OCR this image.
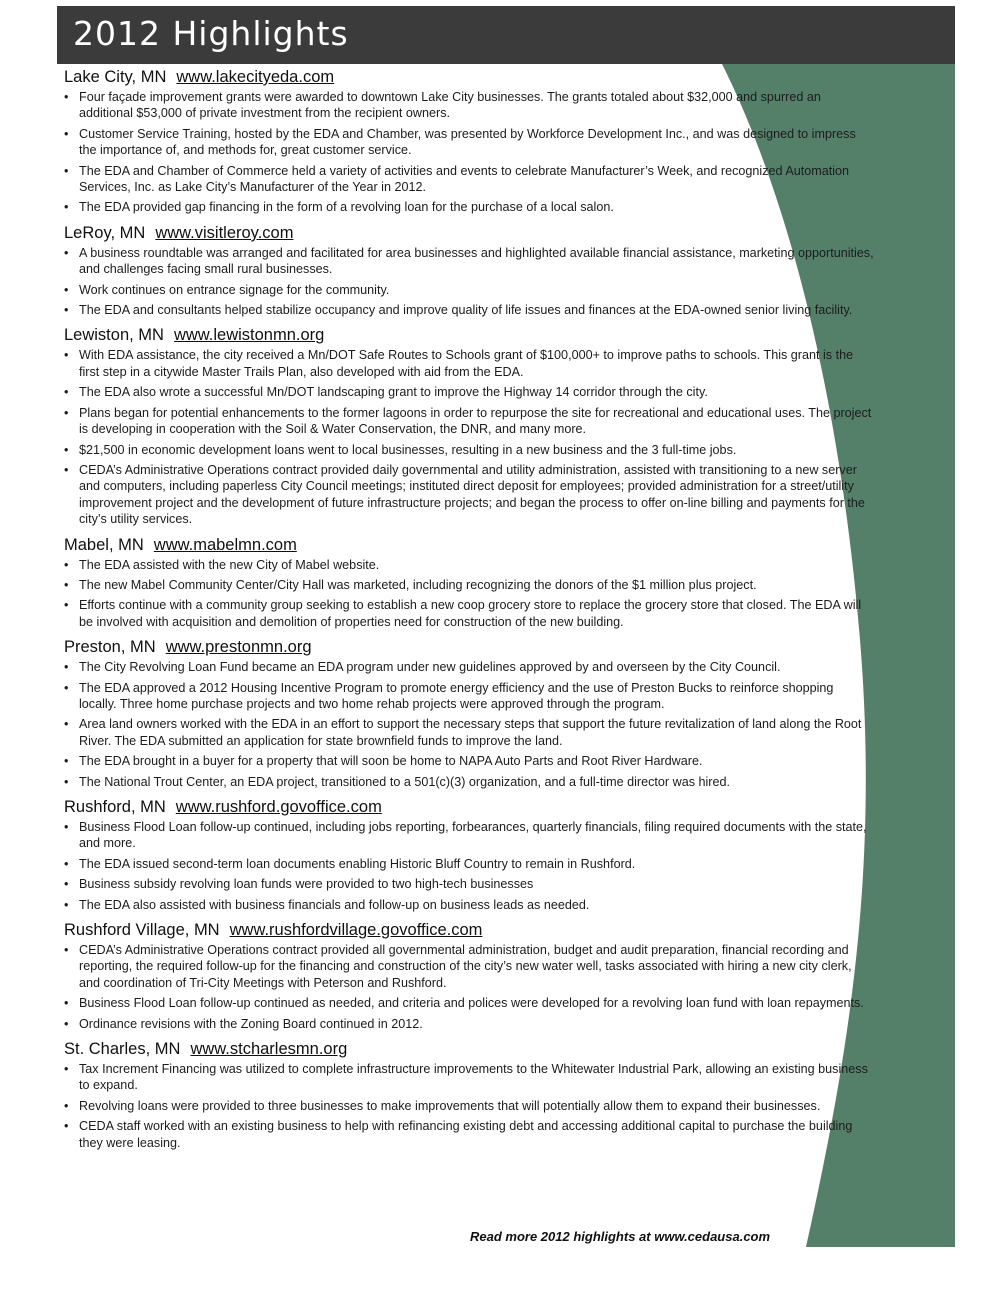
2012 Highlights
Lake City, MN www.lakecityeda.com
• Four façade improvement grants were awarded to downtown Lake City businesses. The grants totaled about $32,000 and spurred an additional $53,000 of private investment from the recipient owners.
• Customer Service Training, hosted by the EDA and Chamber, was presented by Workforce Development Inc., and was designed to impress the importance of, and methods for, great customer service.
• The EDA and Chamber of Commerce held a variety of activities and events to celebrate Manufacturer’s Week, and recognized Automation Services, Inc. as Lake City’s Manufacturer of the Year in 2012.
• The EDA provided gap financing in the form of a revolving loan for the purchase of a local salon.
LeRoy, MN www.visitleroy.com
• A business roundtable was arranged and facilitated for area businesses and highlighted available financial assistance, marketing opportunities, and challenges facing small rural businesses.
• Work continues on entrance signage for the community.
• The EDA and consultants helped stabilize occupancy and improve quality of life issues and finances at the EDA-owned senior living facility.
Lewiston, MN www.lewistonmn.org
• With EDA assistance, the city received a Mn/DOT Safe Routes to Schools grant of $100,000+ to improve paths to schools. This grant is the first step in a citywide Master Trails Plan, also developed with aid from the EDA.
• The EDA also wrote a successful Mn/DOT landscaping grant to improve the Highway 14 corridor through the city.
• Plans began for potential enhancements to the former lagoons in order to repurpose the site for recreational and educational uses. The project is developing in cooperation with the Soil & Water Conservation, the DNR, and many more.
• $21,500 in economic development loans went to local businesses, resulting in a new business and the 3 full-time jobs.
• CEDA’s Administrative Operations contract provided daily governmental and utility administration, assisted with transitioning to a new server and computers, including paperless City Council meetings; instituted direct deposit for employees; provided administration for a street/utility improvement project and the development of future infrastructure projects; and began the process to offer on-line billing and payments for the city’s utility services.
Mabel, MN www.mabelmn.com
• The EDA assisted with the new City of Mabel website.
• The new Mabel Community Center/City Hall was marketed, including recognizing the donors of the $1 million plus project.
• Efforts continue with a community group seeking to establish a new coop grocery store to replace the grocery store that closed. The EDA will be involved with acquisition and demolition of properties need for construction of the new building.
Preston, MN www.prestonmn.org
• The City Revolving Loan Fund became an EDA program under new guidelines approved by and overseen by the City Council.
• The EDA approved a 2012 Housing Incentive Program to promote energy efficiency and the use of Preston Bucks to reinforce shopping locally. Three home purchase projects and two home rehab projects were approved through the program.
• Area land owners worked with the EDA in an effort to support the necessary steps that support the future revitalization of land along the Root River. The EDA submitted an application for state brownfield funds to improve the land.
• The EDA brought in a buyer for a property that will soon be home to NAPA Auto Parts and Root River Hardware.
• The National Trout Center, an EDA project, transitioned to a 501(c)(3) organization, and a full-time director was hired.
Rushford, MN www.rushford.govoffice.com
• Business Flood Loan follow-up continued, including jobs reporting, forbearances, quarterly financials, filing required documents with the state, and more.
• The EDA issued second-term loan documents enabling Historic Bluff Country to remain in Rushford.
• Business subsidy revolving loan funds were provided to two high-tech businesses
• The EDA also assisted with business financials and follow-up on business leads as needed.
Rushford Village, MN www.rushfordvillage.govoffice.com
• CEDA’s Administrative Operations contract provided all governmental administration, budget and audit preparation, financial recording and reporting, the required follow-up for the financing and construction of the city’s new water well, tasks associated with hiring a new city clerk, and coordination of Tri-City Meetings with Peterson and Rushford.
• Business Flood Loan follow-up continued as needed, and criteria and polices were developed for a revolving loan fund with loan repayments.
• Ordinance revisions with the Zoning Board continued in 2012.
St. Charles, MN www.stcharlesmn.org
• Tax Increment Financing was utilized to complete infrastructure improvements to the Whitewater Industrial Park, allowing an existing business to expand.
• Revolving loans were provided to three businesses to make improvements that will potentially allow them to expand their businesses.
• CEDA staff worked with an existing business to help with refinancing existing debt and accessing additional capital to purchase the building they were leasing.
Read more 2012 highlights at www.cedausa.com
